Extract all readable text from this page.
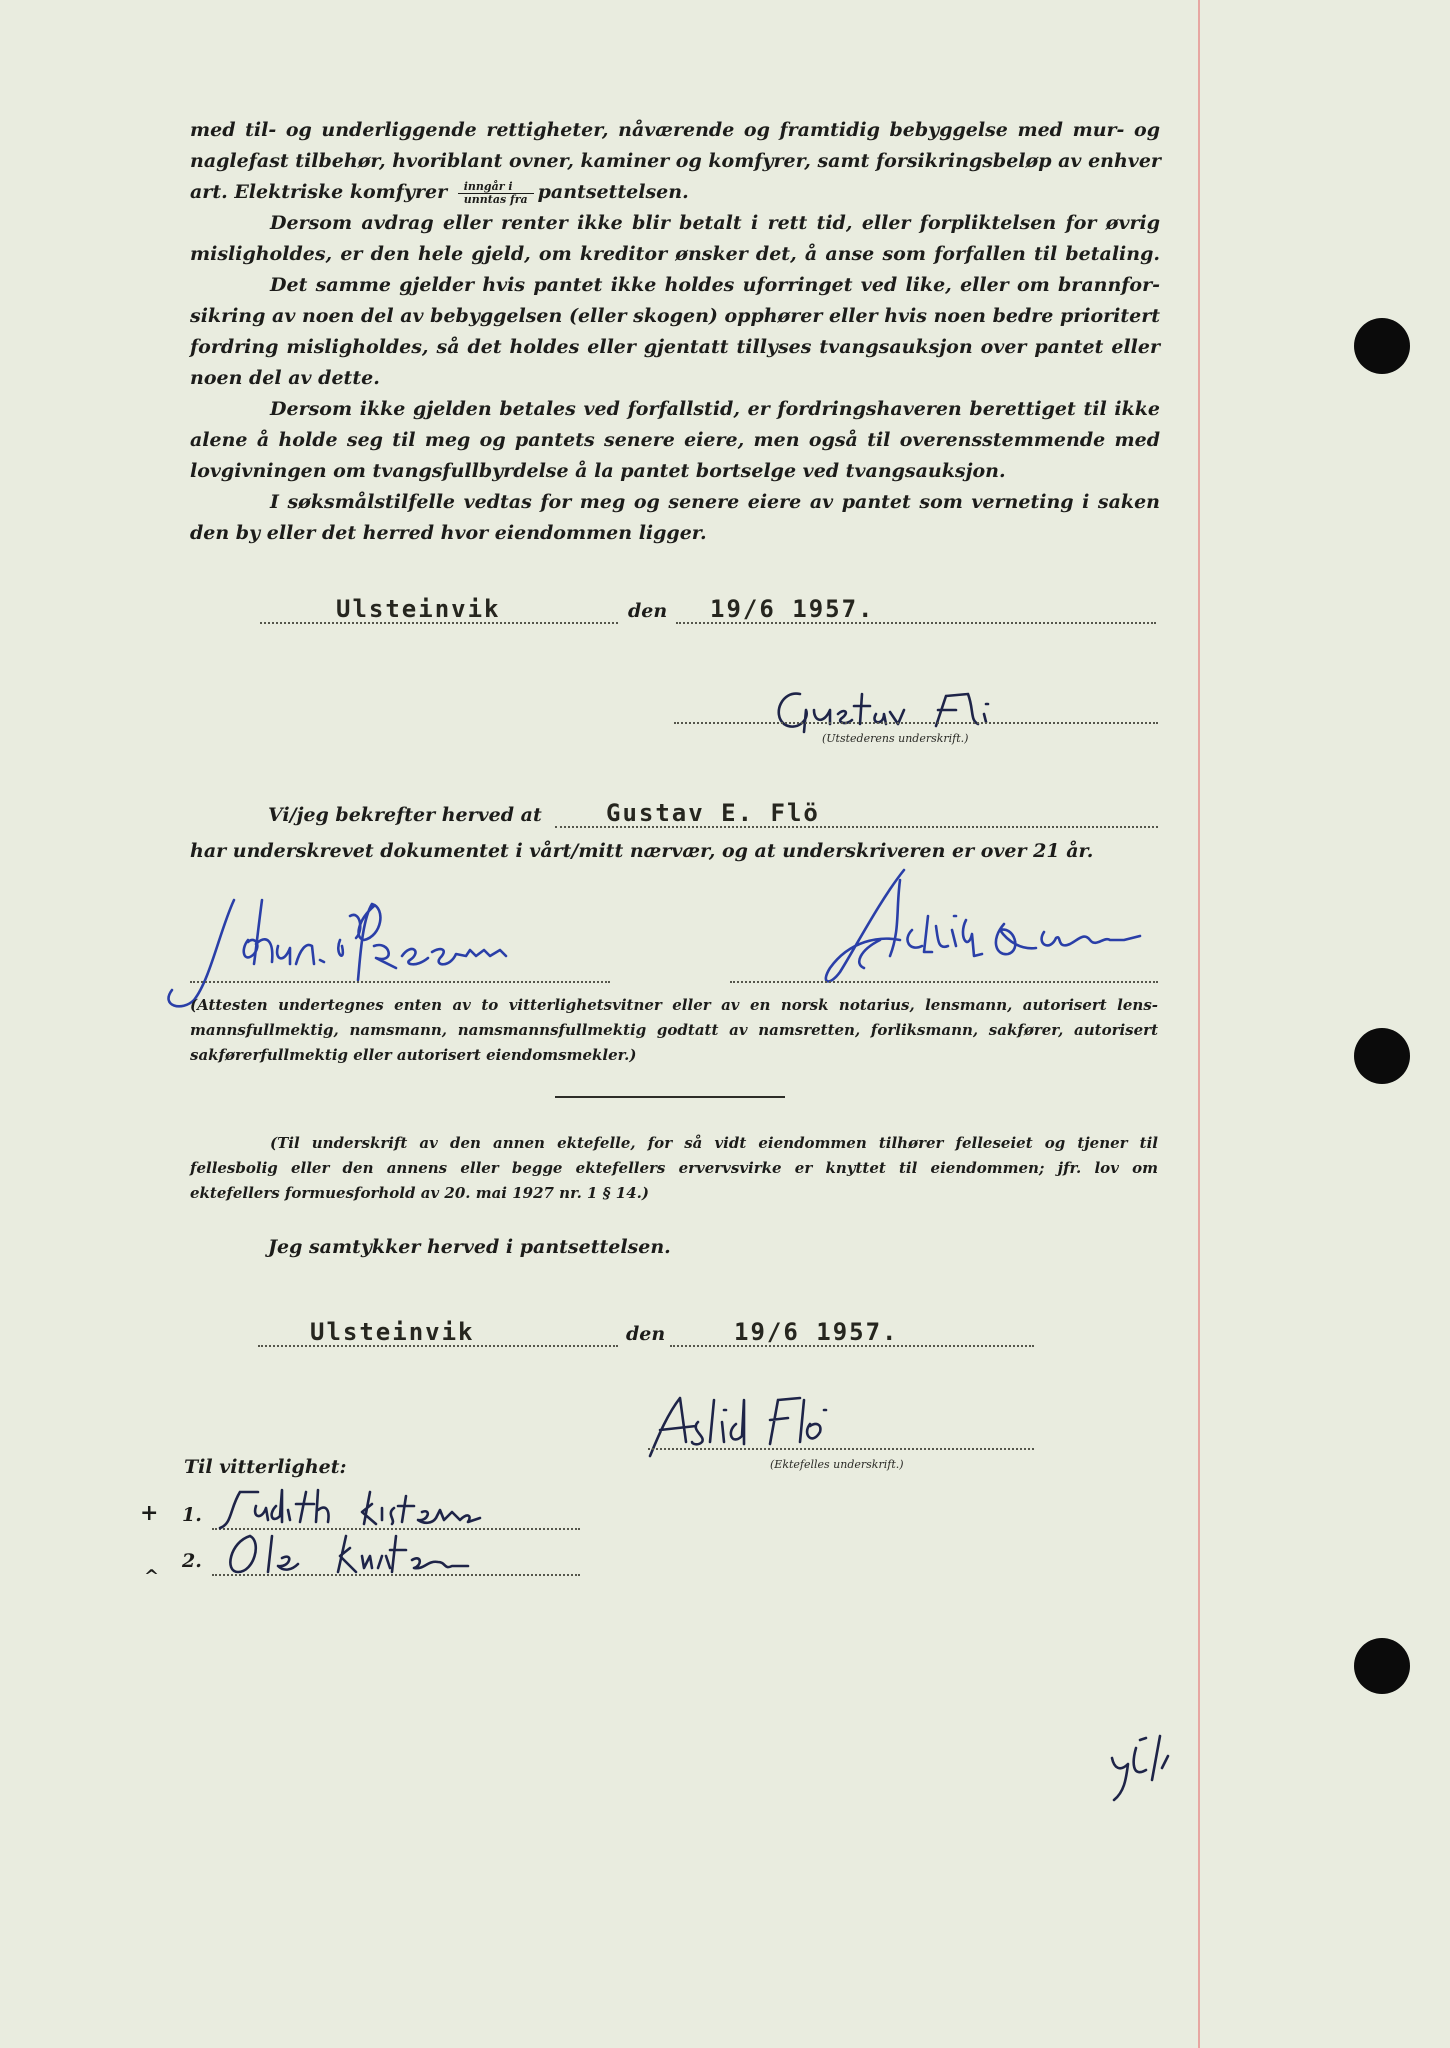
med til- og underliggende rettigheter, nåværende og framtidig bebyggelse med mur- og
naglefast tilbehør, hvoriblant ovner, kaminer og komfyrer, samt forsikringsbeløp av enhver
art. Elektriske komfyrer $\frac{\text{inngår i}}{\text{unntas fra}}$ pantsettelsen.
Dersom avdrag eller renter ikke blir betalt i rett tid, eller forpliktelsen for øvrig
misligholdes, er den hele gjeld, om kreditor ønsker det, å anse som forfallen til betaling.
Det samme gjelder hvis pantet ikke holdes uforringet ved like, eller om brannfor-
sikring av noen del av bebyggelsen (eller skogen) opphører eller hvis noen bedre prioritert
fordring misligholdes, så det holdes eller gjentatt tillyses tvangsauksjon over pantet eller
noen del av dette.
Dersom ikke gjelden betales ved forfallstid, er fordringshaveren berettiget til ikke
alene å holde seg til meg og pantets senere eiere, men også til overensstemmende med
lovgivningen om tvangsfullbyrdelse å la pantet bortselge ved tvangsauksjon.
I søksmålstilfelle vedtas for meg og senere eiere av pantet som verneting i saken
den by eller det herred hvor eiendommen ligger.
Ulsteinvik	den 19/6 1957.
(Utstederens underskrift.)
Vi/jeg bekrefter herved at	Gustav E. Flö
har underskrevet dokumentet i vårt/mitt nærvær, og at underskriveren er over 21 år.
(Attesten undertegnes enten av to vitterlighetsvitner eller av en norsk notarius, lensmann, autorisert lens-
mannsfullmektig, namsmann, namsmannsfullmektig godtatt av namsretten, forliksmann, sakfører, autorisert
sakførerfullmektig eller autorisert eiendomsmekler.)
(Til underskrift av den annen ektefelle, for så vidt eiendommen tilhører felleseiet og tjener til
fellesbolig eller den annens eller begge ektefellers ervervsvirke er knyttet til eiendommen; jfr. lov om
ektefellers formuesforhold av 20. mai 1927 nr. 1 § 14.)
Jeg samtykker herved i pantsettelsen.
Ulsteinvik	den	19/6 1957.
(Ektefelles underskrift.)
Til vitterlighet:
1.
2.
+
^
